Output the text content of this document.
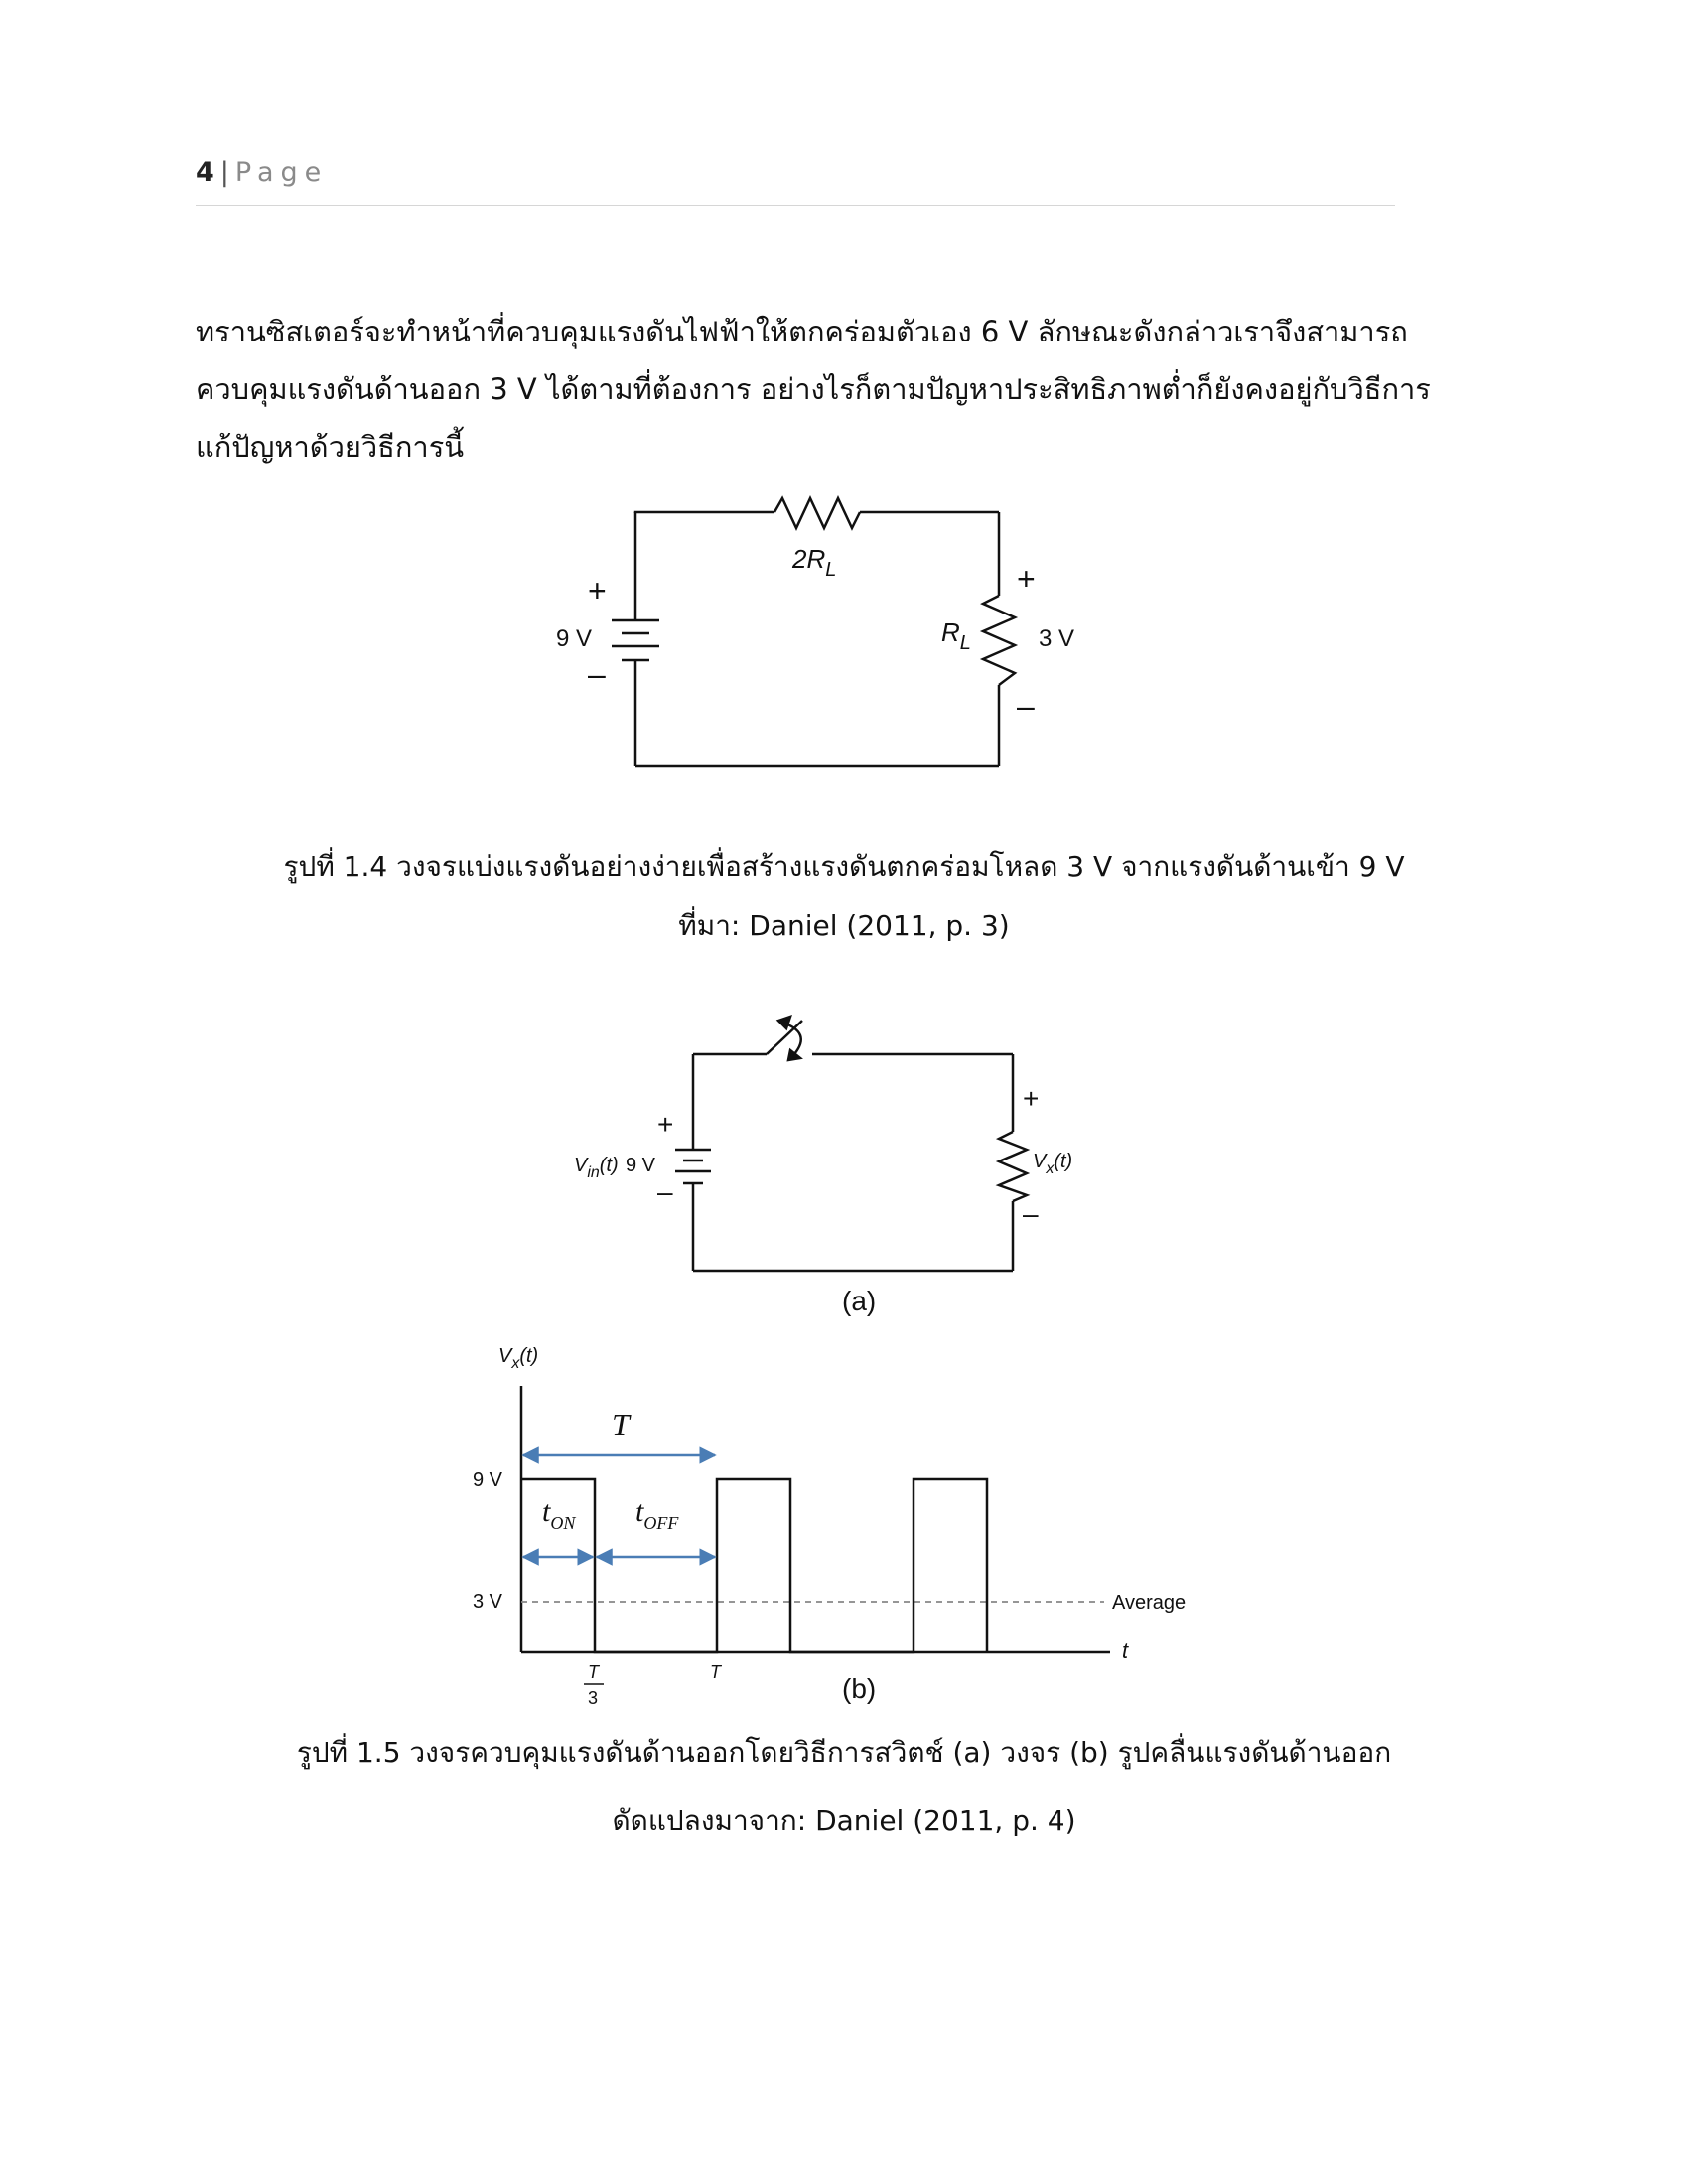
4 | Page
ทรานซิสเตอร์จะทำหน้าที่ควบคุมแรงดันไฟฟ้าให้ตกคร่อมตัวเอง 6 V ลักษณะดังกล่าวเราจึงสามารถ
ควบคุมแรงดันด้านออก 3 V ได้ตามที่ต้องการ อย่างไรก็ตามปัญหาประสิทธิภาพต่ำก็ยังคงอยู่กับวิธีการ
แก้ปัญหาด้วยวิธีการนี้
$2R_L$
+
9 V
–
$R_L$
+
3 V
–
รูปที่ 1.4 วงจรแบ่งแรงดันอย่างง่ายเพื่อสร้างแรงดันตกคร่อมโหลด 3 V จากแรงดันด้านเข้า 9 V
ที่มา: Daniel (2011, p. 3)
+
$V_{in}(t)$ 9 V
–
+
$V_x(t)$
–
(a)
$V_x(t)$
t
9 V
3 V	Average
T
$t_{ON}$ $t_{OFF}$
T
3
T
(b)
รูปที่ 1.5 วงจรควบคุมแรงดันด้านออกโดยวิธีการสวิตช์ (a) วงจร (b) รูปคลื่นแรงดันด้านออก
ดัดแปลงมาจาก: Daniel (2011, p. 4)
